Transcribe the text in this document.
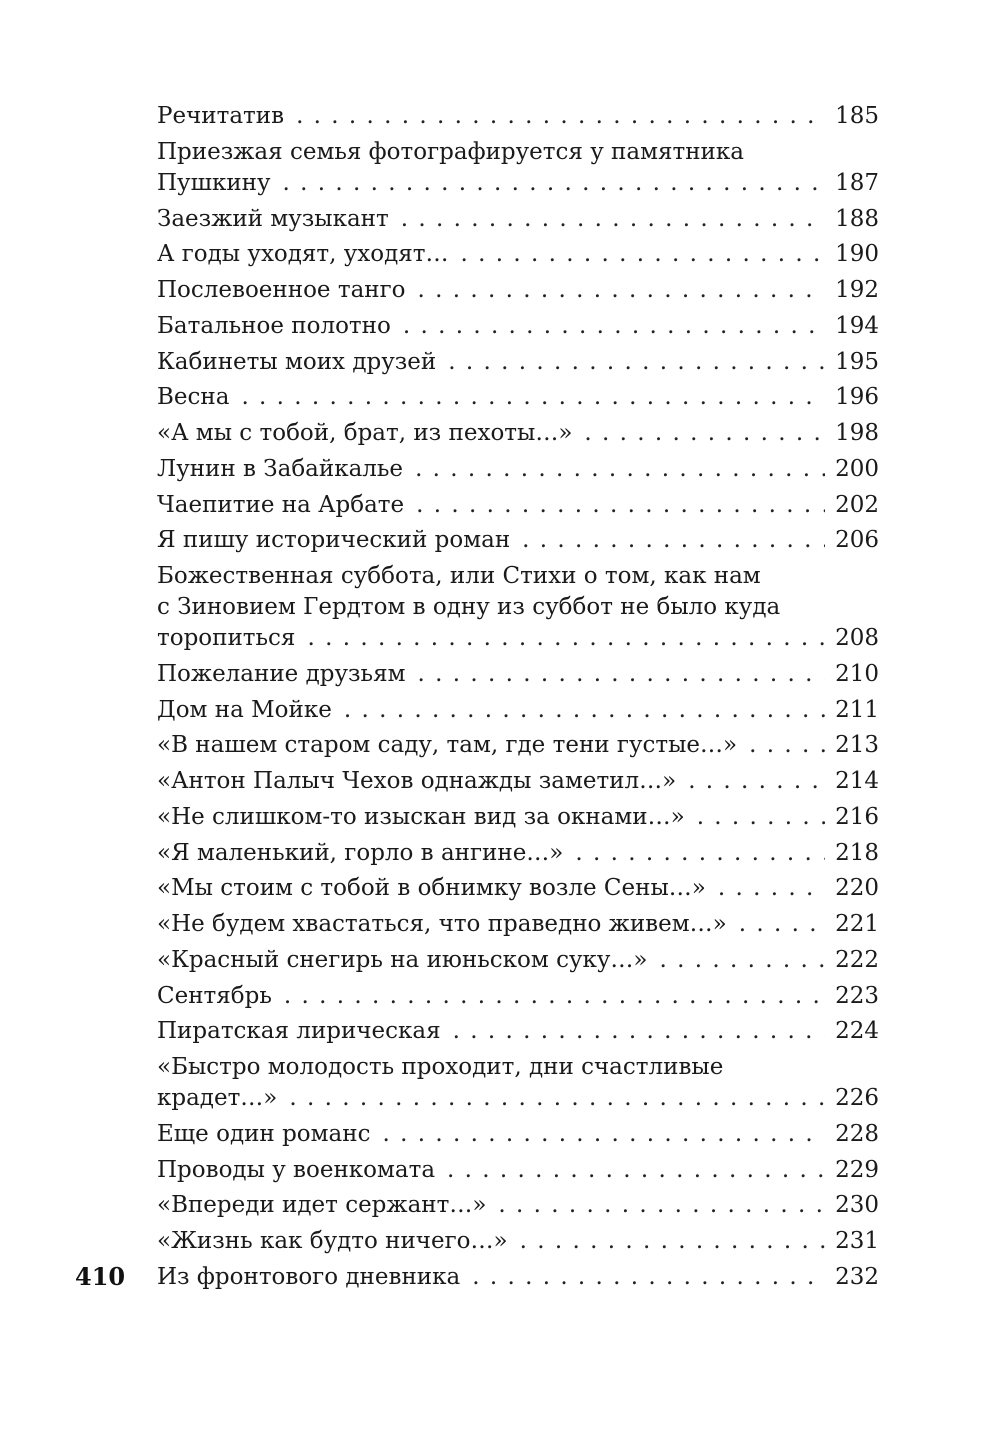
Речитатив . . .	185
Приезжая семья фотографируется у памятника
Пушкину . . .	187
Заезжий музыкант . . .	188
А годы уходят, уходят… . . .	190
Послевоенное танго . . .	192
Батальное полотно . . .	194
Кабинеты моих друзей . . .	195
Весна . . .	196
«А мы с тобой, брат, из пехоты…» . . .	198
Лунин в Забайкалье . . .	200
Чаепитие на Арбате . . .	202
Я пишу исторический роман . . .	206
Божественная суббота, или Стихи о том, как нам
с Зиновием Гердтом в одну из суббот не было куда
торопиться . . .	208
Пожелание друзьям . . .	210
Дом на Мойке . . .	211
«В нашем старом саду, там, где тени густые…» . . .	213
«Антон Палыч Чехов однажды заметил…» . . .	214
«Не слишком-то изыскан вид за окнами…» . . .	216
«Я маленький, горло в ангине…» . . .	218
«Мы стоим с тобой в обнимку возле Сены…» . . .	220
«Не будем хвастаться, что праведно живем…» . . .	221
«Красный снегирь на июньском суку…» . . .	222
Сентябрь . . .	223
Пиратская лирическая . . .	224
«Быстро молодость проходит, дни счастливые
крадет…» . . .	226
Еще один романс . . .	228
Проводы у военкомата . . .	229
«Впереди идет сержант…» . . .	230
«Жизнь как будто ничего…» . . .	231
Из фронтового дневника . . .	232
410
